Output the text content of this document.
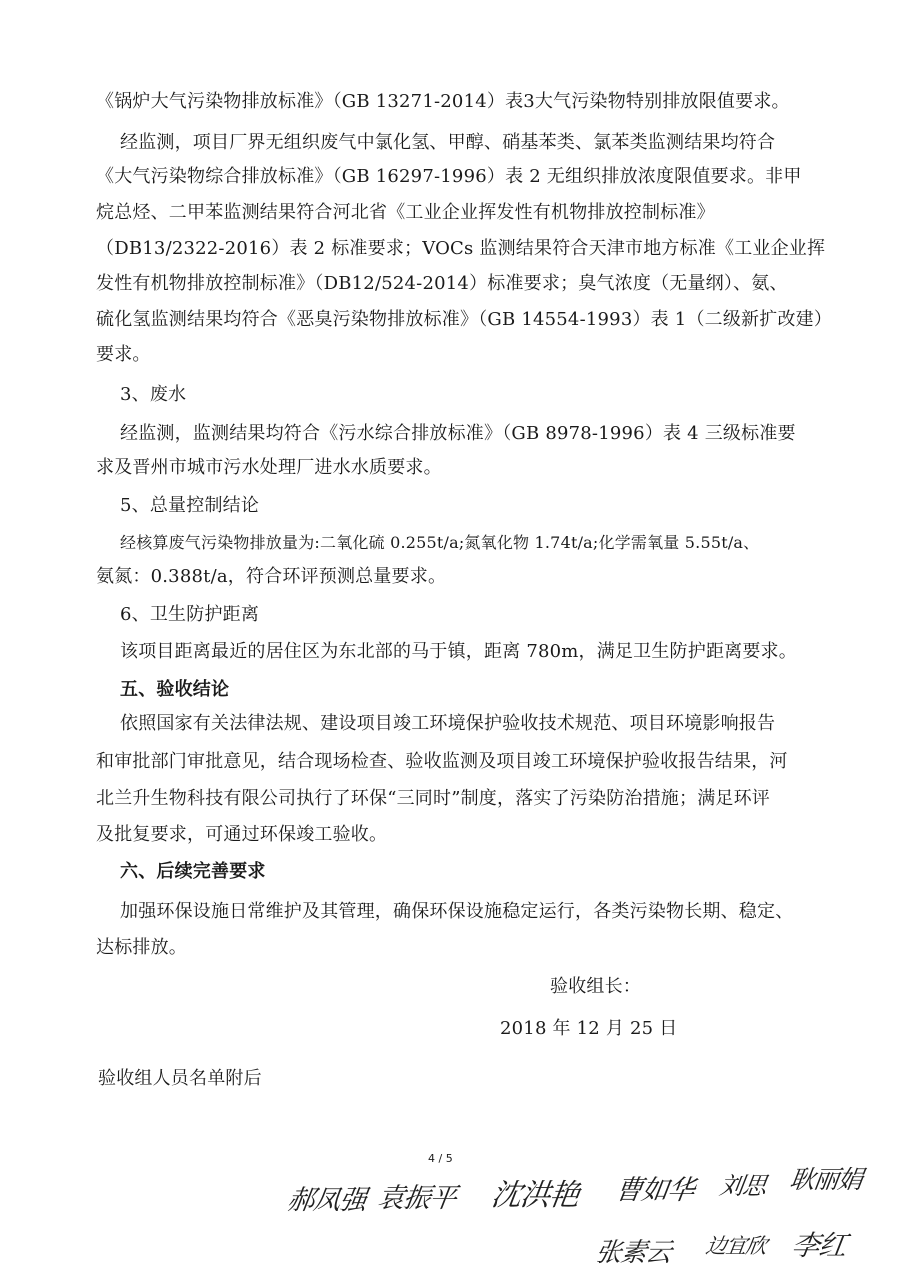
《锅炉大气污染物排放标准》（GB 13271-2014）表3大气污染物特别排放限值要求。
经监测，项目厂界无组织废气中氯化氢、甲醇、硝基苯类、氯苯类监测结果均符合
《大气污染物综合排放标准》（GB 16297-1996）表 2 无组织排放浓度限值要求。非甲
烷总烃、二甲苯监测结果符合河北省《工业企业挥发性有机物排放控制标准》
（DB13/2322-2016）表 2 标准要求；VOCs 监测结果符合天津市地方标准《工业企业挥
发性有机物排放控制标准》（DB12/524-2014）标准要求；臭气浓度（无量纲）、氨、
硫化氢监测结果均符合《恶臭污染物排放标准》（GB 14554-1993）表 1（二级新扩改建）
要求。
3、废水
经监测，监测结果均符合《污水综合排放标准》（GB 8978-1996）表 4 三级标准要
求及晋州市城市污水处理厂进水水质要求。
5、总量控制结论
经核算废气污染物排放量为:二氧化硫 0.255t/a;氮氧化物 1.74t/a;化学需氧量 5.55t/a、
氨氮：0.388t/a，符合环评预测总量要求。
6、卫生防护距离
该项目距离最近的居住区为东北部的马于镇，距离 780m，满足卫生防护距离要求。
五、验收结论
依照国家有关法律法规、建设项目竣工环境保护验收技术规范、项目环境影响报告
和审批部门审批意见，结合现场检查、验收监测及项目竣工环境保护验收报告结果，河
北兰升生物科技有限公司执行了环保“三同时”制度，落实了污染防治措施；满足环评
及批复要求，可通过环保竣工验收。
六、后续完善要求
加强环保设施日常维护及其管理，确保环保设施稳定运行，各类污染物长期、稳定、
达标排放。
验收组长：
2018 年 12 月 25 日
验收组人员名单附后
4 / 5
郝凤强 袁振平 沈洪艳 曹如华 刘思 耿丽娟
张素云 边宜欣 李红
